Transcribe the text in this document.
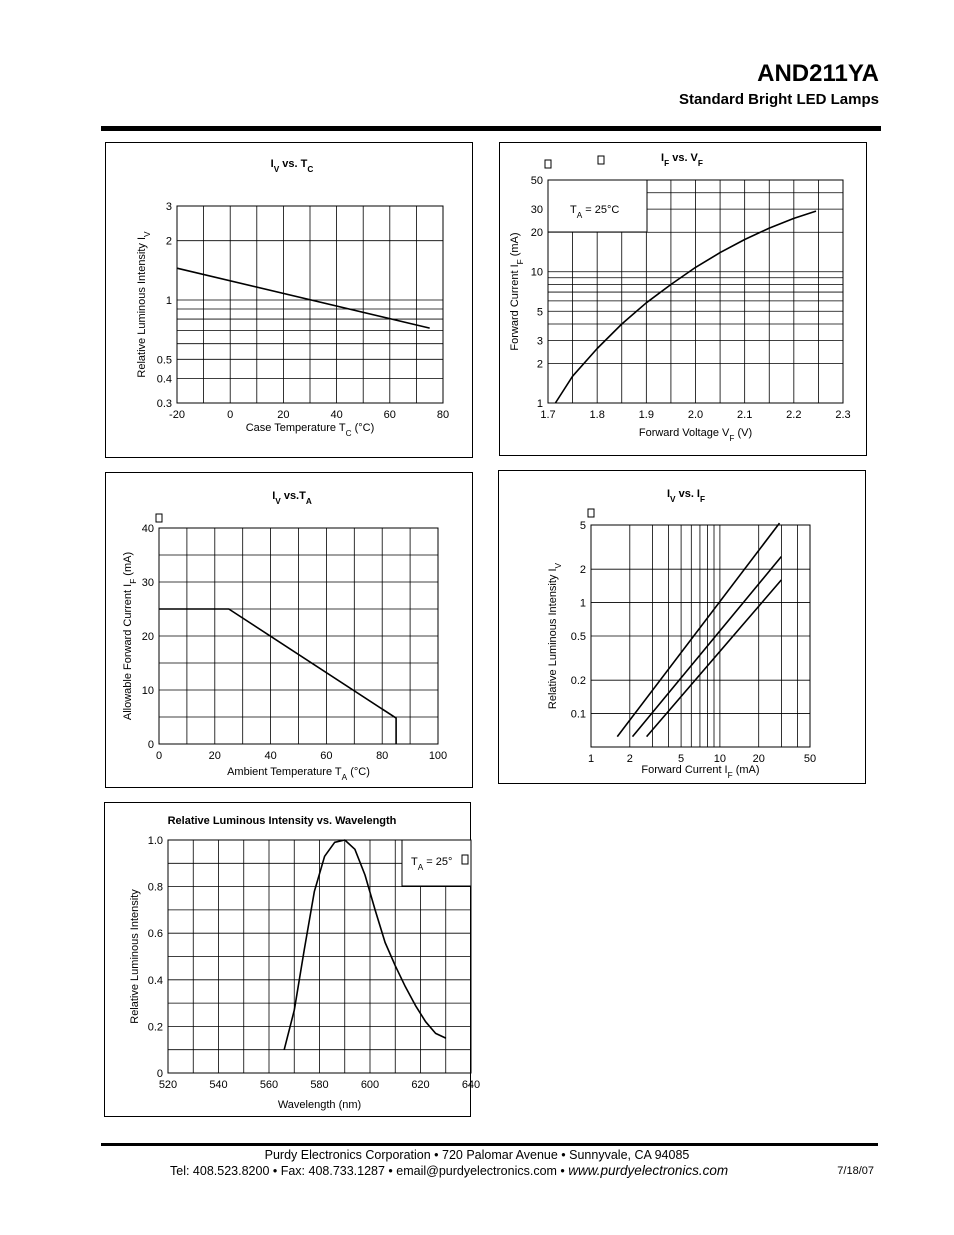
AND211YA
Standard Bright LED Lamps
-20	0	20	40	60	80
0.3
0.4
0.5
1
2
3
$I_V$ vs. $T_C$
Case Temperature $T_C$ (°C)
Relative Luminous Intensity $I_V$
1.7	1.8	1.9	2.0	2.1	2.2	2.3
1
2
3
5
10
20
30
50
$I_F$ vs. $V_F$
Forward Voltage $V_F$ (V)
Forward Current $I_F$ (mA)
$T_A = 25^\circ C$
0	20	40	60	80	100
0
10
20
30
40
$I_V$ $vs.T_A$
Ambient Temperature $T_A$ (°C)
Allowable Forward Current $I_F$ (mA)
1	2	5	10 20	50
0.1
0.2
0.5
1
2
5
$I_V$ vs. $I_F$
Forward Current $I_F$ (mA)
Relative Luminous Intensity $I_V$
520	540	560	580	600	620	640
0
0.2
0.4
0.6
0.8
1.0
Relative Luminous Intensity vs. Wavelength
Wavelength (nm)
Relative Luminous Intensity
$T_A = 25^\circ$
Purdy Electronics Corporation • 720 Palomar Avenue • Sunnyvale, CA 94085
Tel: 408.523.8200 • Fax: 408.733.1287 • email@purdyelectronics.com • www.purdyelectronics.com	7/18/07
